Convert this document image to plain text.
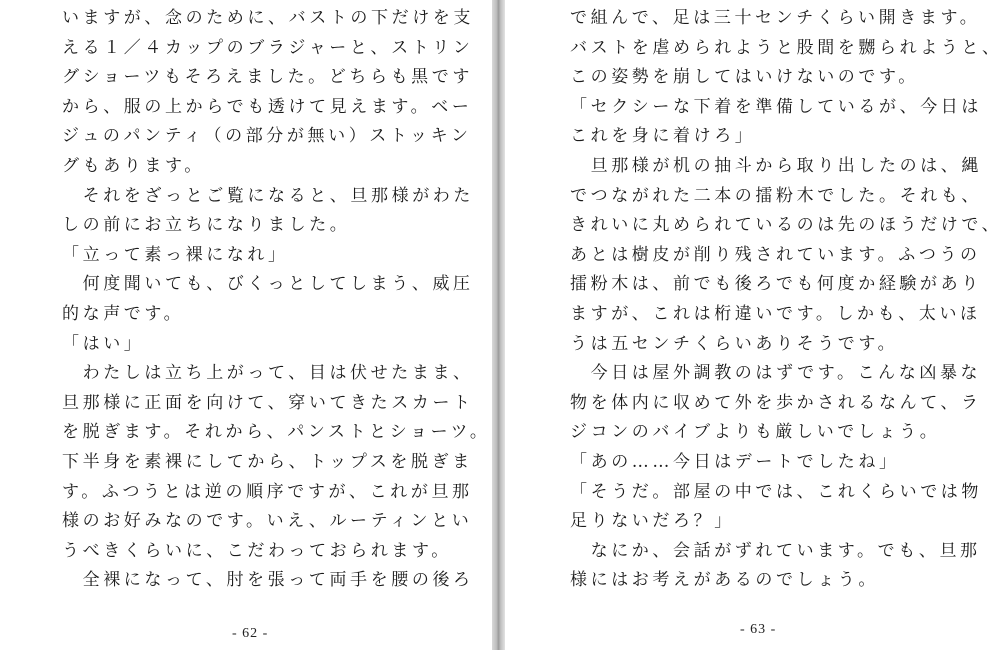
いますが、念のために、バストの下だけを支
える１／４カップのブラジャーと、ストリン
グショーツもそろえました。どちらも黒です
から、服の上からでも透けて見えます。ベー
ジュのパンティ（の部分が無い）ストッキン
グもあります。
　それをざっとご覧になると、旦那様がわた
しの前にお立ちになりました。
「立って素っ裸になれ」
　何度聞いても、びくっとしてしまう、威圧
的な声です。
「はい」
　わたしは立ち上がって、目は伏せたまま、
旦那様に正面を向けて、穿いてきたスカート
を脱ぎます。それから、パンストとショーツ。
下半身を素裸にしてから、トップスを脱ぎま
す。ふつうとは逆の順序ですが、これが旦那
様のお好みなのです。いえ、ルーティンとい
うべきくらいに、こだわっておられます。
　全裸になって、肘を張って両手を腰の後ろ
- 62 -
で組んで、足は三十センチくらい開きます。
バストを虐められようと股間を嬲られようと、
この姿勢を崩してはいけないのです。
「セクシーな下着を準備しているが、今日は
これを身に着けろ」
　旦那様が机の抽斗から取り出したのは、縄
でつながれた二本の擂粉木でした。それも、
きれいに丸められているのは先のほうだけで、
あとは樹皮が削り残されています。ふつうの
擂粉木は、前でも後ろでも何度か経験があり
ますが、これは桁違いです。しかも、太いほ
うは五センチくらいありそうです。
　今日は屋外調教のはずです。こんな凶暴な
物を体内に収めて外を歩かされるなんて、ラ
ジコンのバイブよりも厳しいでしょう。
「あの……今日はデートでしたね」
「そうだ。部屋の中では、これくらいでは物
足りないだろ？」
　なにか、会話がずれています。でも、旦那
様にはお考えがあるのでしょう。
- 63 -
